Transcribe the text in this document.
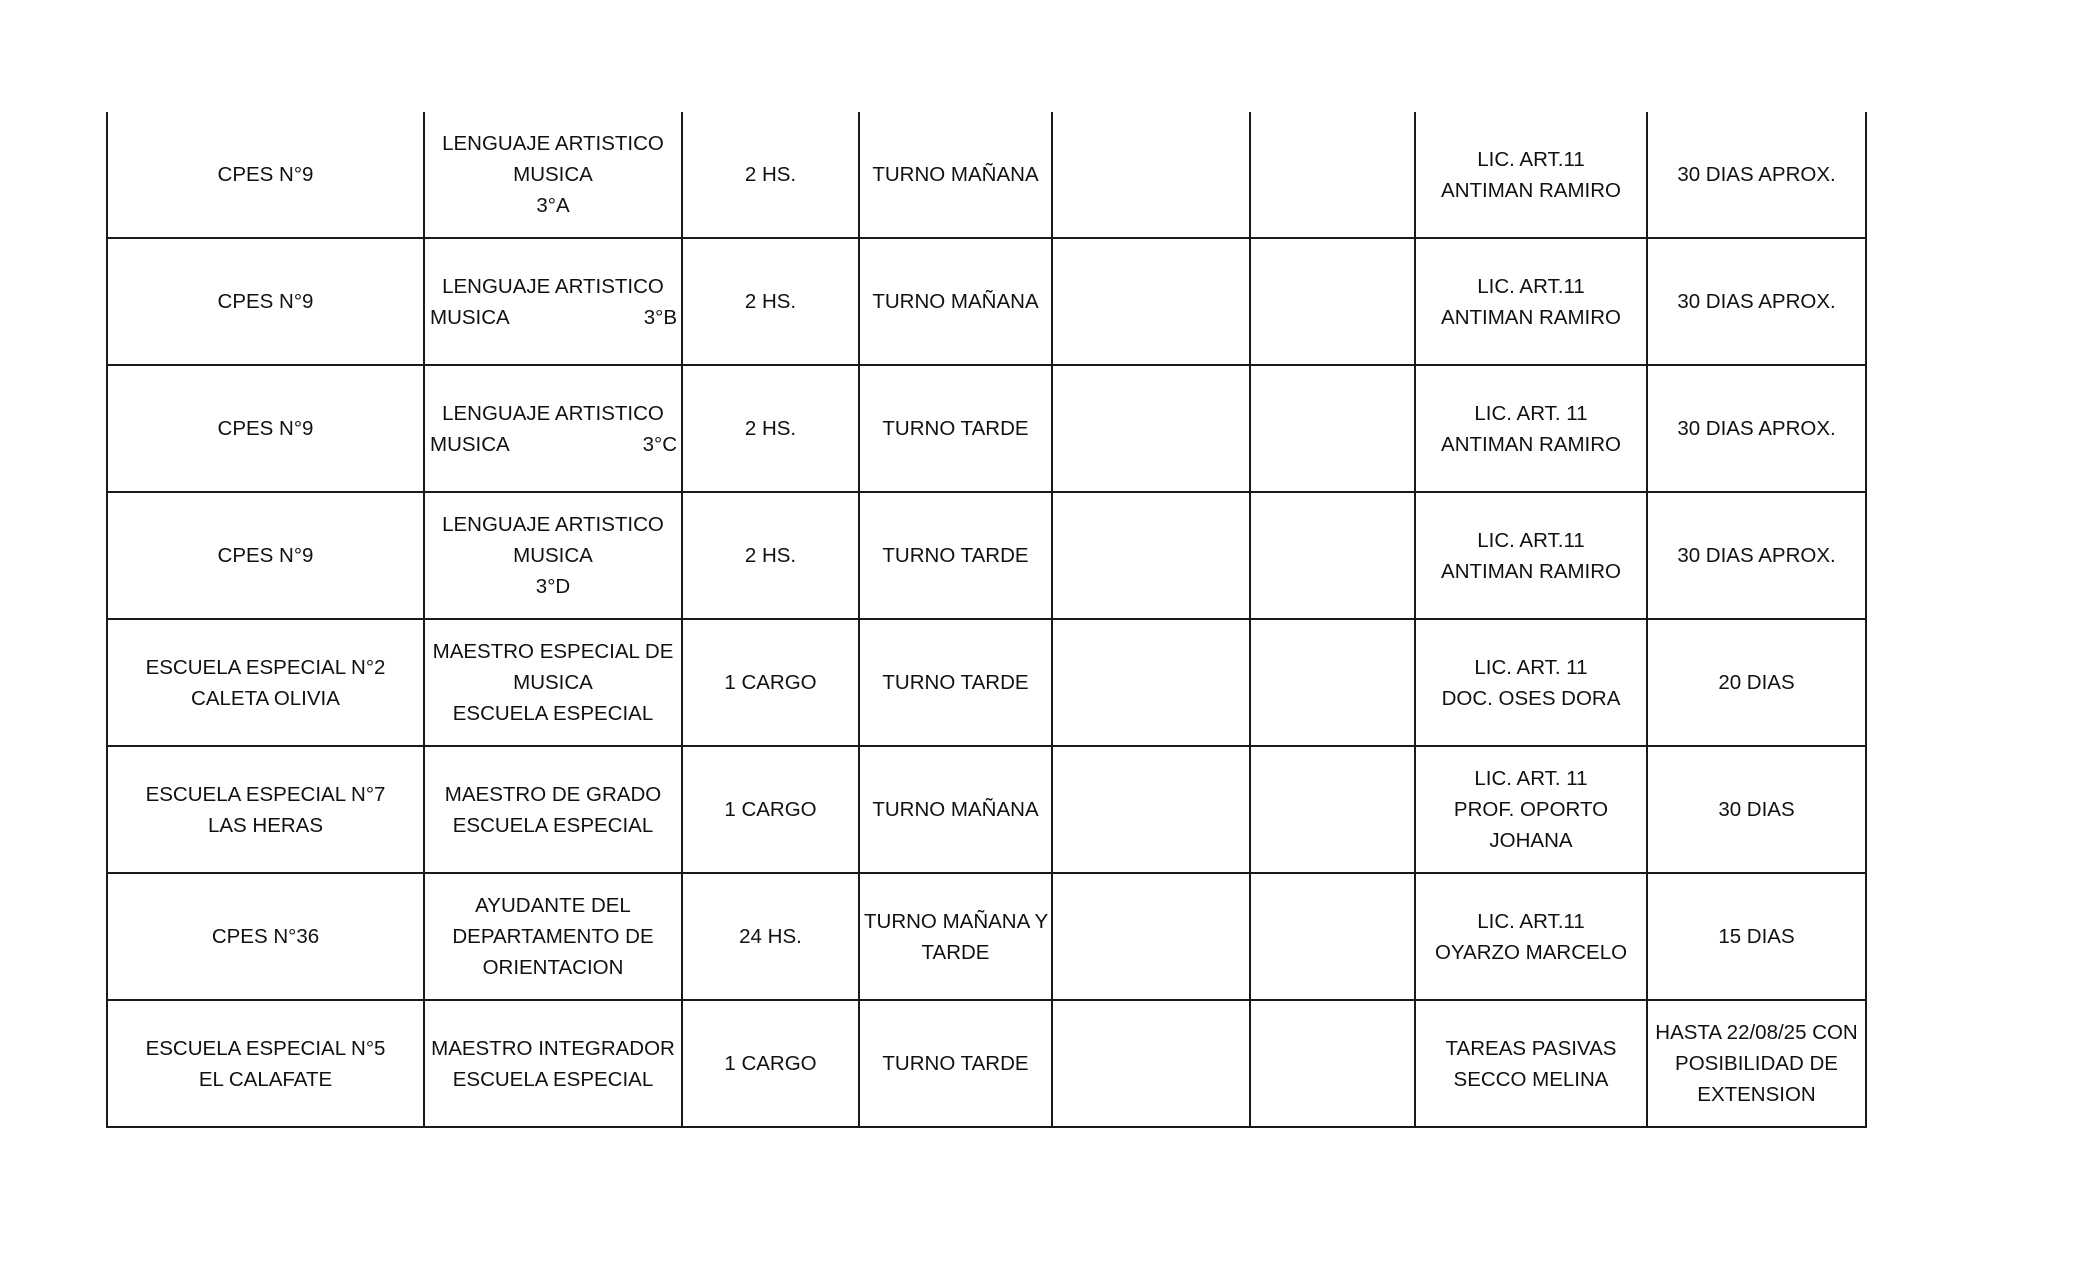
CPES N°9	LENGUAJE ARTISTICO
MUSICA
3°A	2 HS.	TURNO MAÑANA			LIC. ART.11
ANTIMAN RAMIRO	30 DIAS APROX.

CPES N°9	LENGUAJE ARTISTICO
MUSICA 3°B	2 HS.	TURNO MAÑANA			LIC. ART.11
ANTIMAN RAMIRO	30 DIAS APROX.

CPES N°9	LENGUAJE ARTISTICO
MUSICA 3°C	2 HS.	TURNO TARDE			LIC. ART. 11
ANTIMAN RAMIRO	30 DIAS APROX.

CPES N°9	LENGUAJE ARTISTICO
MUSICA
3°D	2 HS.	TURNO TARDE			LIC. ART.11
ANTIMAN RAMIRO	30 DIAS APROX.

ESCUELA ESPECIAL N°2
CALETA OLIVIA	MAESTRO ESPECIAL DE
MUSICA
ESCUELA ESPECIAL	1 CARGO	TURNO TARDE			LIC. ART. 11
DOC. OSES DORA	20 DIAS

ESCUELA ESPECIAL N°7
LAS HERAS	MAESTRO DE GRADO
ESCUELA ESPECIAL	1 CARGO	TURNO MAÑANA			LIC. ART. 11
PROF. OPORTO
JOHANA	30 DIAS

CPES N°36	AYUDANTE DEL
DEPARTAMENTO DE
ORIENTACION	24 HS.	TURNO MAÑANA Y
TARDE			LIC. ART.11
OYARZO MARCELO	15 DIAS

ESCUELA ESPECIAL N°5
EL CALAFATE	MAESTRO INTEGRADOR
ESCUELA ESPECIAL	1 CARGO	TURNO TARDE			TAREAS PASIVAS
SECCO MELINA	HASTA 22/08/25 CON
POSIBILIDAD DE
EXTENSION
